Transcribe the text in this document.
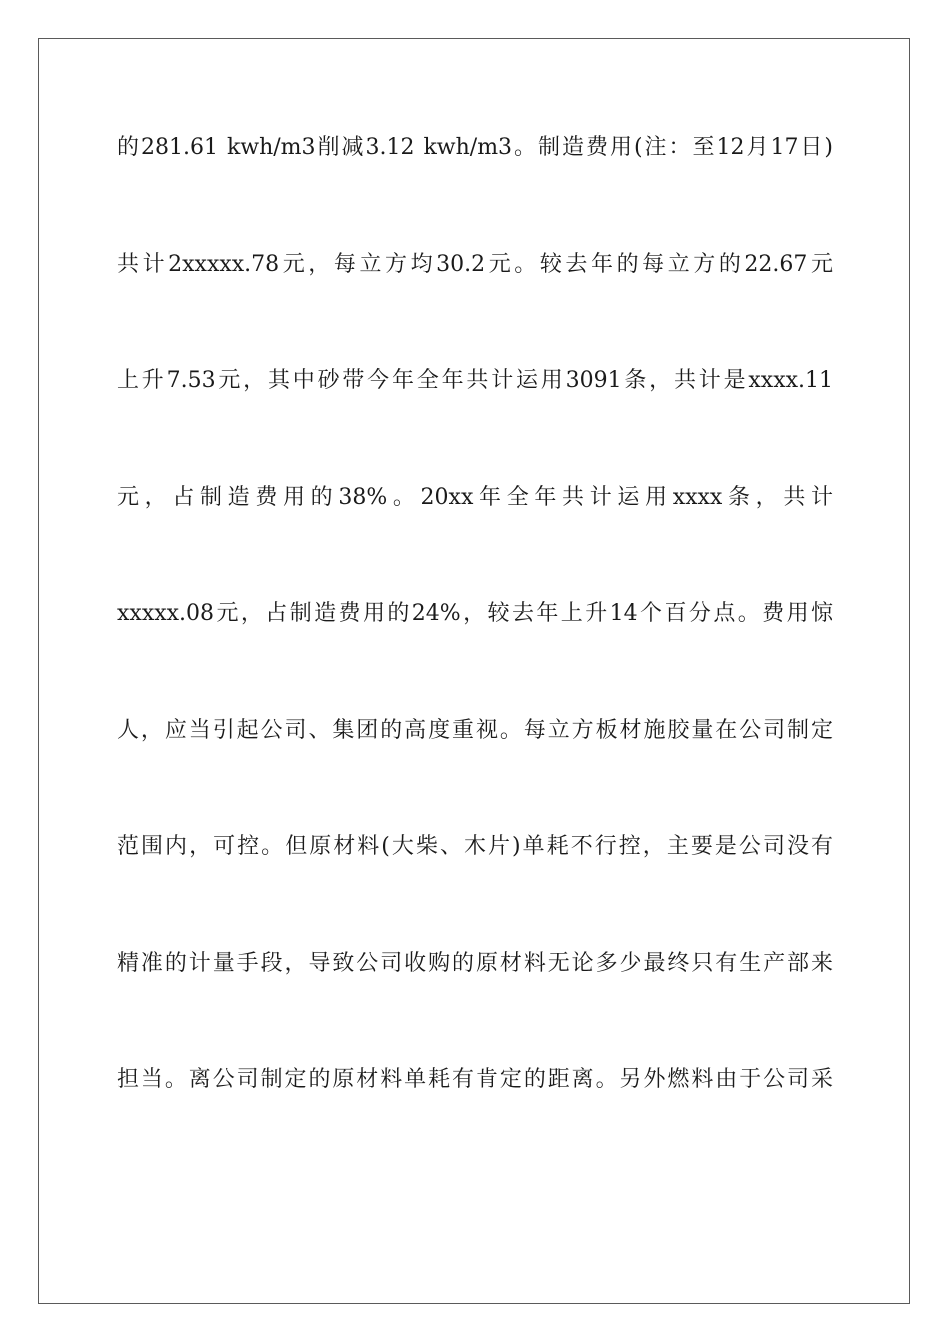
的281.61 kwh/m3削减3.12 kwh/m3。制造费用(注：至12月17日)
共计2xxxxx.78元，每立方均30.2元。较去年的每立方的22.67元
上升7.53元，其中砂带今年全年共计运用3091条，共计是xxxx.11
元，占制造费用的38%。20xx年全年共计运用xxxx条，共计
xxxxx.08元，占制造费用的24%，较去年上升14个百分点。费用惊
人，应当引起公司、集团的高度重视。每立方板材施胶量在公司制定
范围内，可控。但原材料(大柴、木片)单耗不行控，主要是公司没有
精准的计量手段，导致公司收购的原材料无论多少最终只有生产部来
担当。离公司制定的原材料单耗有肯定的距离。另外燃料由于公司采
